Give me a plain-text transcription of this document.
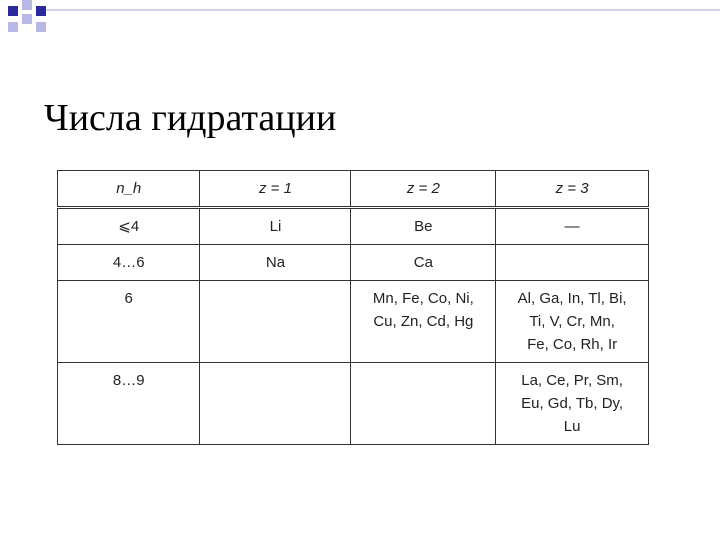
Числа гидратации
n_h	z = 1	z = 2	z = 3

⩽4	Li	Be	—

4…6	Na	Ca	

6		Mn, Fe, Co, Ni,
Cu, Zn, Cd, Hg	Al, Ga, In, Tl, Bi,
Ti, V, Cr, Mn,
Fe, Co, Rh, Ir

8…9			La, Ce, Pr, Sm,
Eu, Gd, Tb, Dy,
Lu
